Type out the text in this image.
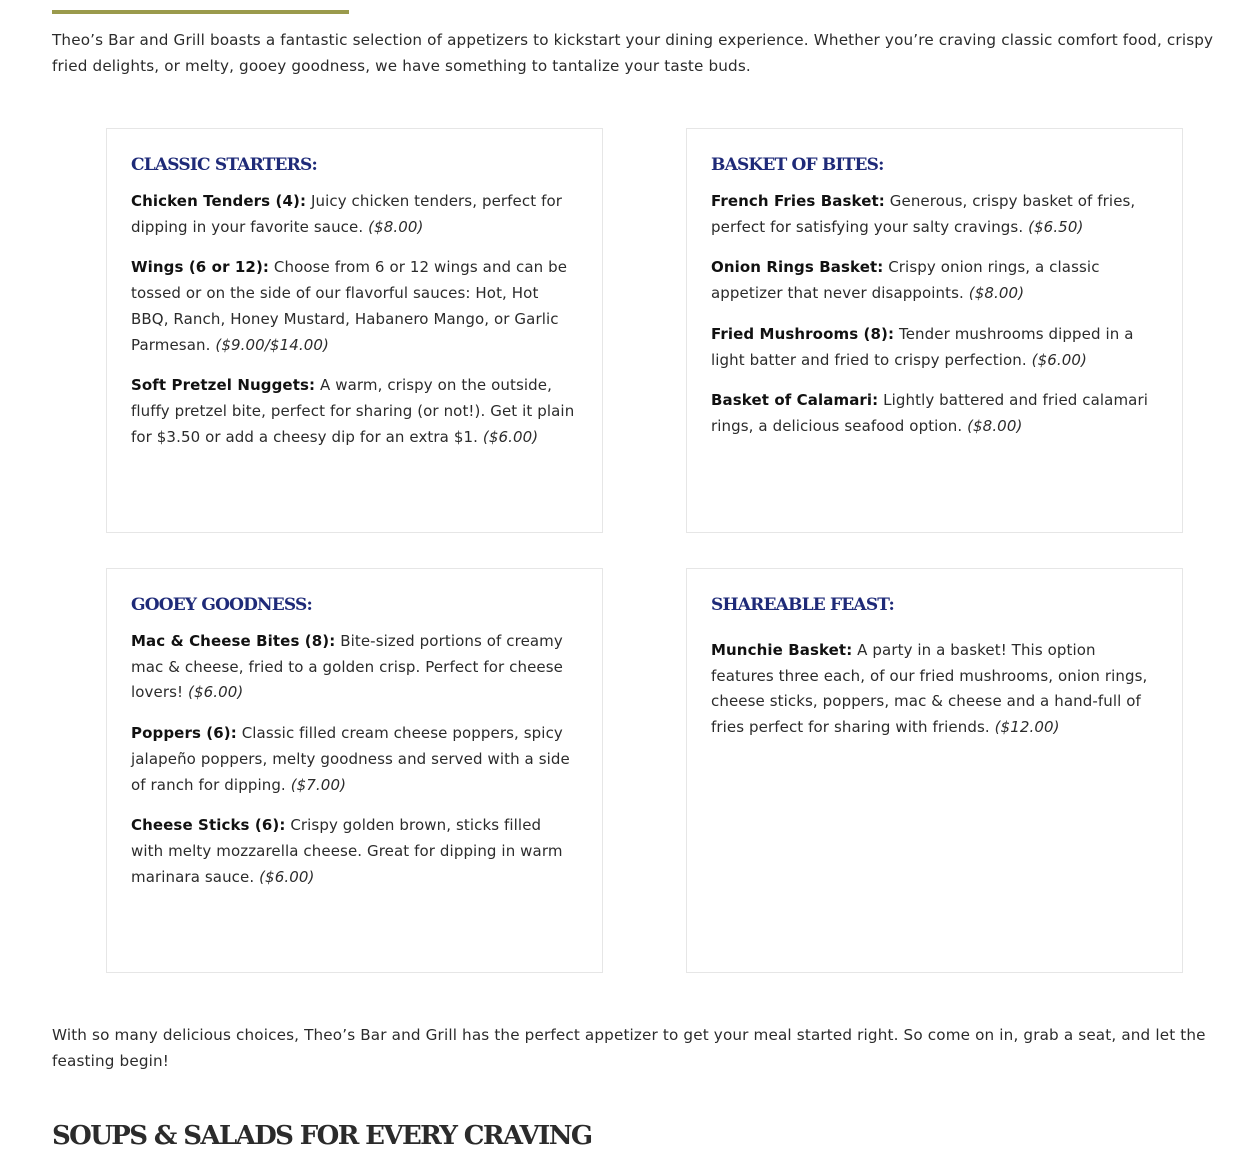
Theo’s Bar and Grill boasts a fantastic selection of appetizers to kickstart your dining experience. Whether you’re craving classic comfort food, crispy fried delights, or melty, gooey goodness, we have something to tantalize your taste buds.

CLASSIC STARTERS:

Chicken Tenders (4): Juicy chicken tenders, perfect for dipping in your favorite sauce. ($8.00)

Wings (6 or 12): Choose from 6 or 12 wings and can be tossed or on the side of our flavorful sauces: Hot, Hot BBQ, Ranch, Honey Mustard, Habanero Mango, or Garlic Parmesan. ($9.00/$14.00)

Soft Pretzel Nuggets: A warm, crispy on the outside, fluffy pretzel bite, perfect for sharing (or not!). Get it plain for $3.50 or add a cheesy dip for an extra $1. ($6.00)

BASKET OF BITES:

French Fries Basket: Generous, crispy basket of fries, perfect for satisfying your salty cravings. ($6.50)

Onion Rings Basket: Crispy onion rings, a classic appetizer that never disappoints. ($8.00)

Fried Mushrooms (8): Tender mushrooms dipped in a light batter and fried to crispy perfection. ($6.00)

Basket of Calamari: Lightly battered and fried calamari rings, a delicious seafood option. ($8.00)

GOOEY GOODNESS:

Mac & Cheese Bites (8): Bite-sized portions of creamy mac & cheese, fried to a golden crisp. Perfect for cheese lovers! ($6.00)

Poppers (6): Classic filled cream cheese poppers, spicy jalapeño poppers, melty goodness and served with a side of ranch for dipping. ($7.00)

Cheese Sticks (6): Crispy golden brown, sticks filled with melty mozzarella cheese. Great for dipping in warm marinara sauce. ($6.00)

SHAREABLE FEAST:

Munchie Basket: A party in a basket! This option features three each, of our fried mushrooms, onion rings, cheese sticks, poppers, mac & cheese and a hand-full of fries perfect for sharing with friends. ($12.00)

With so many delicious choices, Theo’s Bar and Grill has the perfect appetizer to get your meal started right. So come on in, grab a seat, and let the feasting begin!

SOUPS & SALADS FOR EVERY CRAVING
